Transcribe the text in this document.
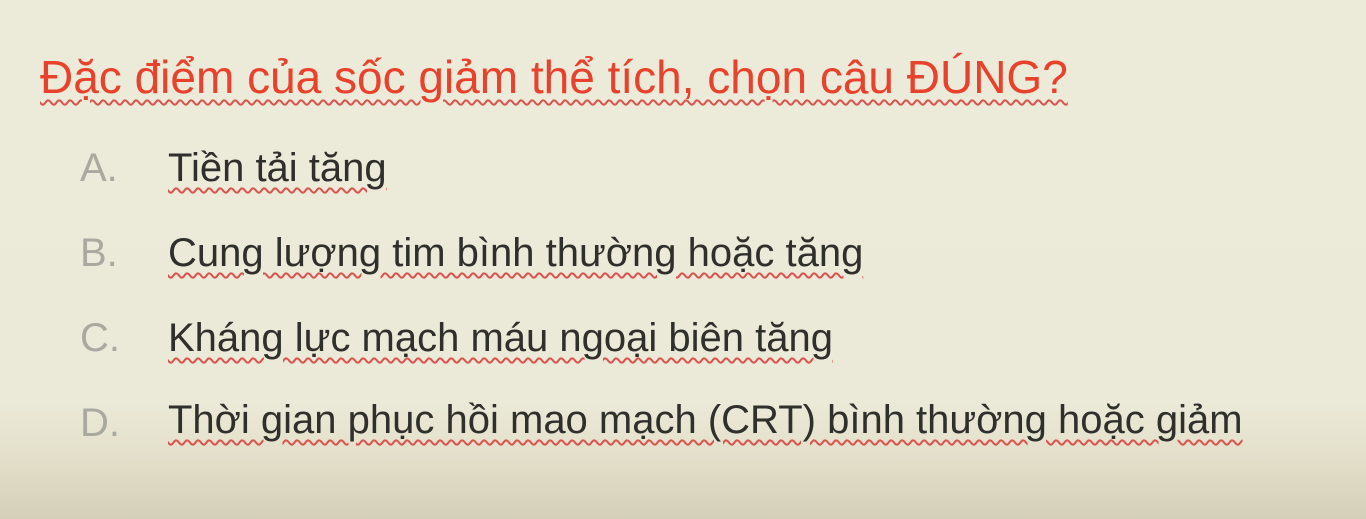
Đặc điểm của sốc giảm thể tích, chọn câu ĐÚNG?
A.	Tiền tải tăng
B.	Cung lượng tim bình thường hoặc tăng
C.	Kháng lực mạch máu ngoại biên tăng
D.	Thời gian phục hồi mao mạch (CRT) bình thường hoặc giảm
